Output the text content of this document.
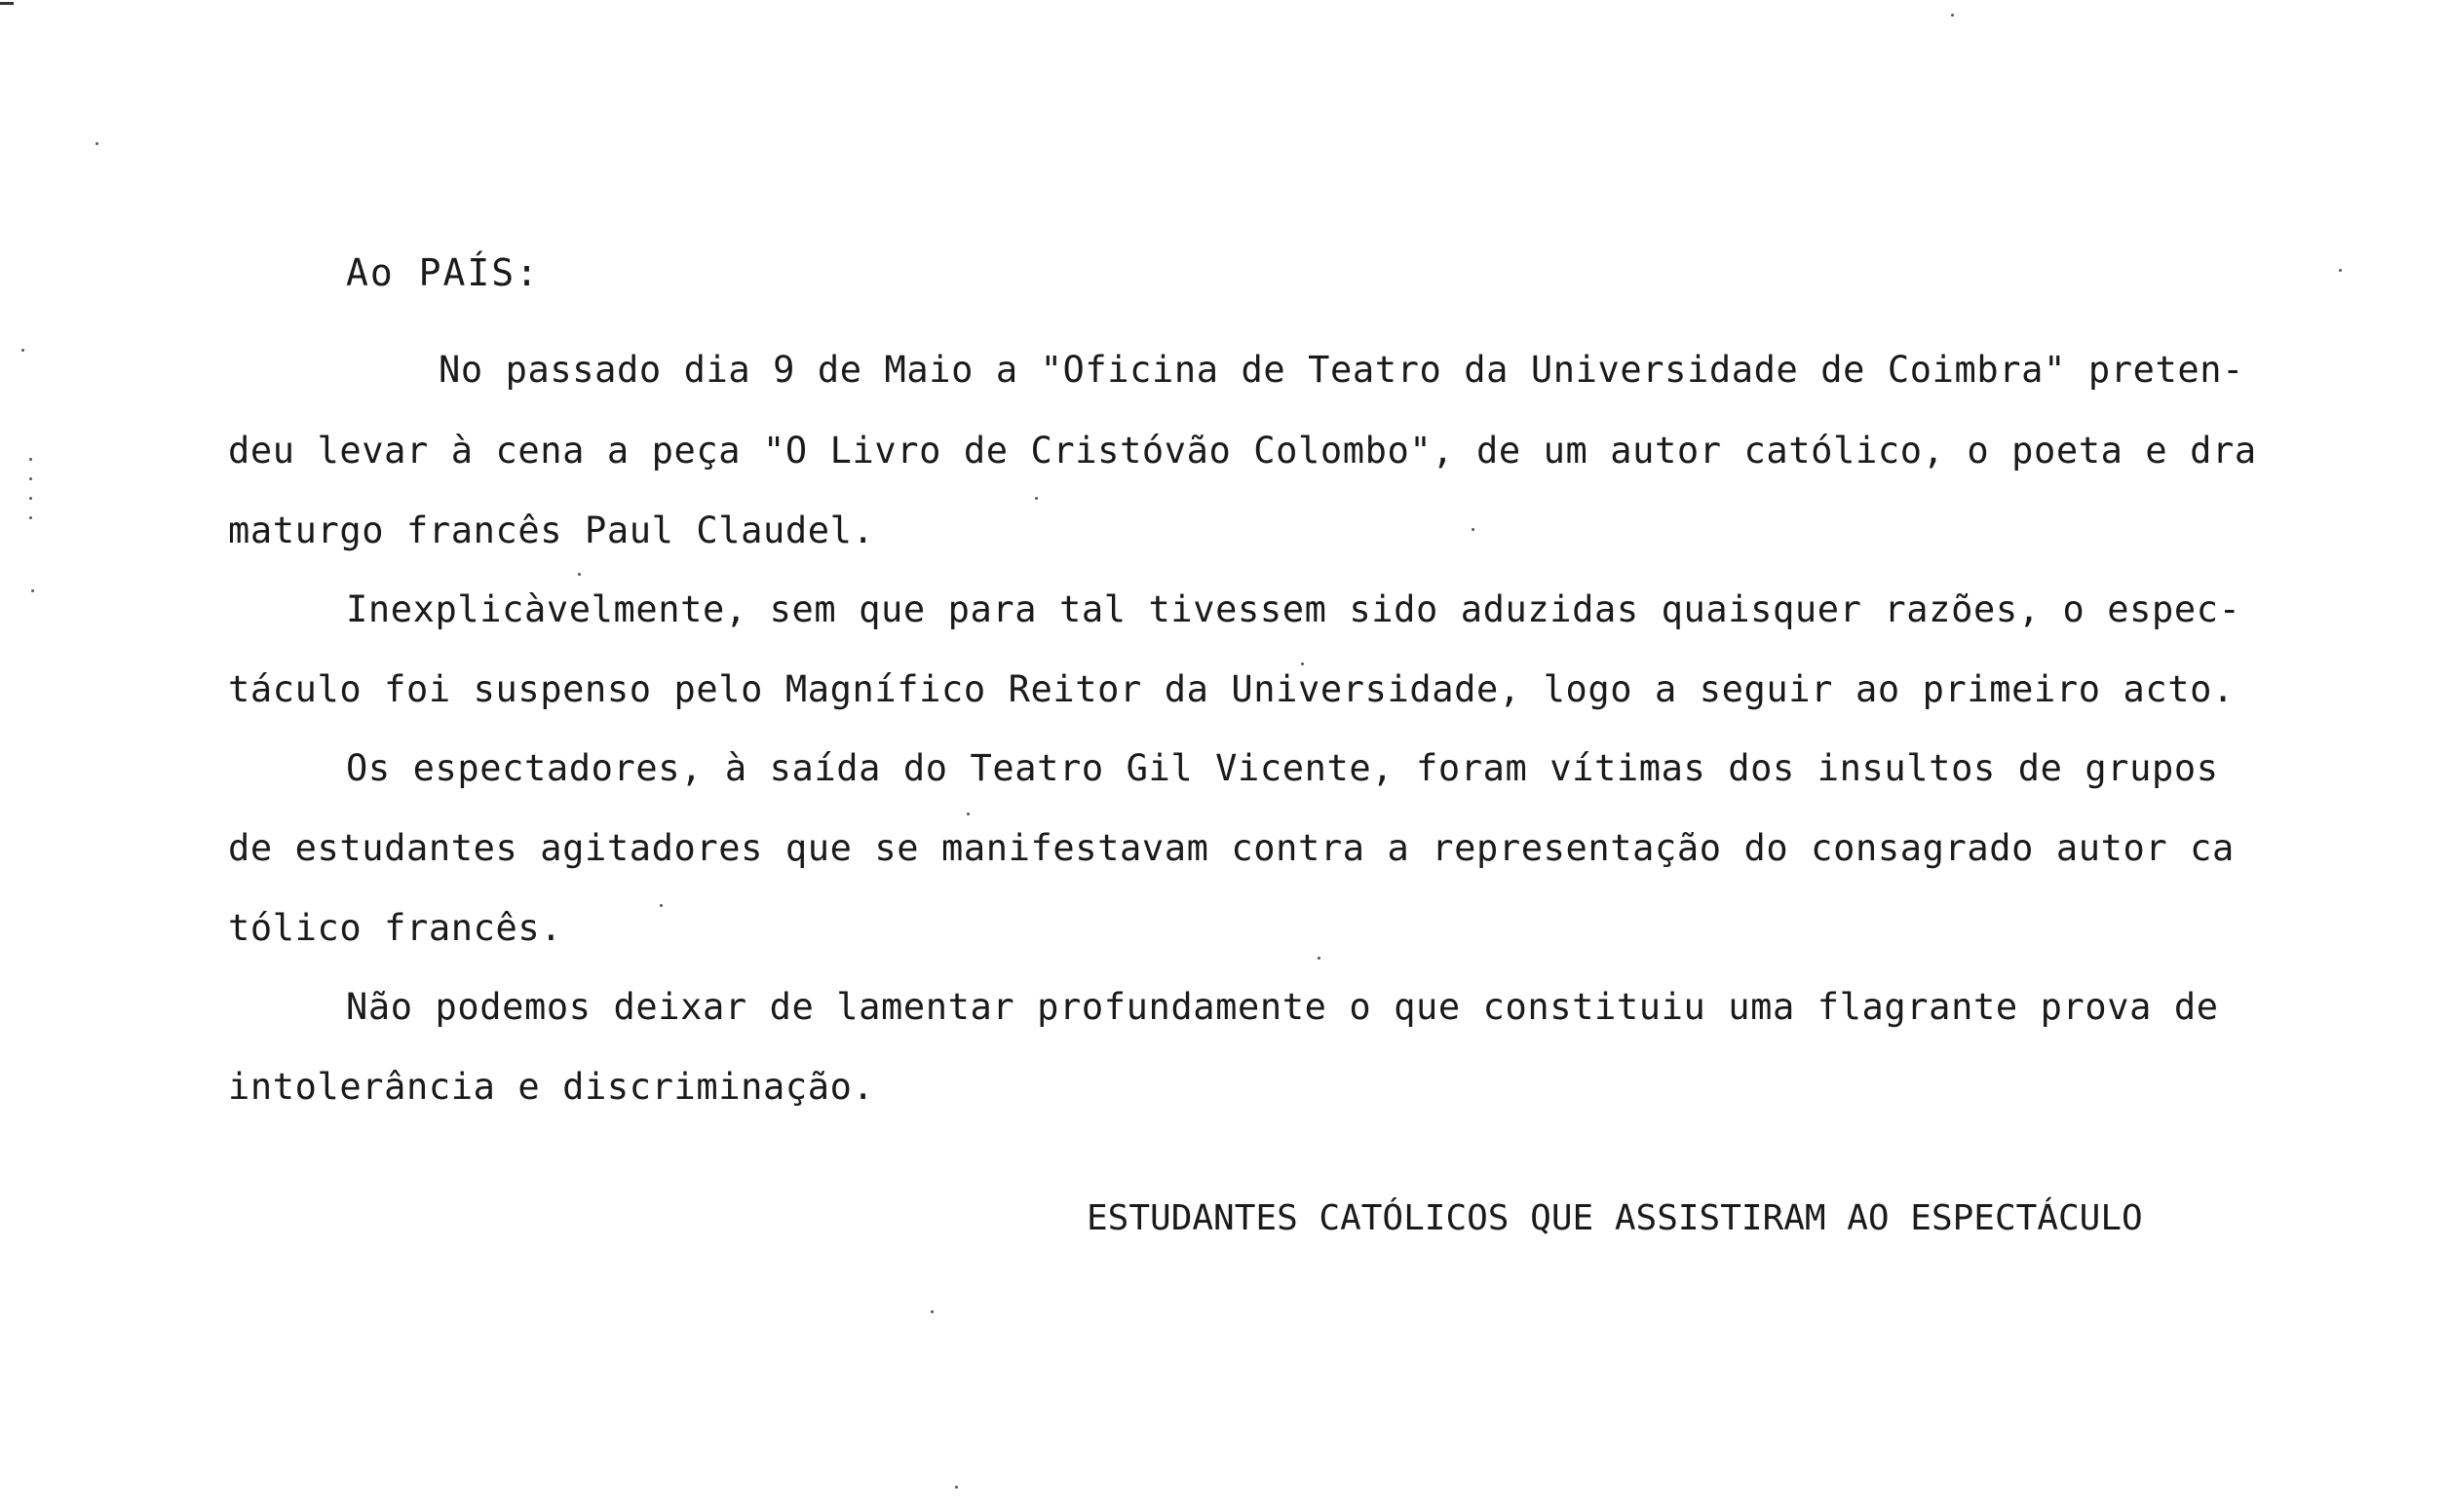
Ao PAÍS:
No passado dia 9 de Maio a "Oficina de Teatro da Universidade de Coimbra" preten-
deu levar à cena a peça "O Livro de Cristóvão Colombo", de um autor católico, o poeta e dra
maturgo francês Paul Claudel.
Inexplicàvelmente, sem que para tal tivessem sido aduzidas quaisquer razões, o espec-
táculo foi suspenso pelo Magnífico Reitor da Universidade, logo a seguir ao primeiro acto.
Os espectadores, à saída do Teatro Gil Vicente, foram vítimas dos insultos de grupos
de estudantes agitadores que se manifestavam contra a representação do consagrado autor ca
tólico francês.
Não podemos deixar de lamentar profundamente o que constituiu uma flagrante prova de
intolerância e discriminação.
ESTUDANTES CATÓLICOS QUE ASSISTIRAM AO ESPECTÁCULO
